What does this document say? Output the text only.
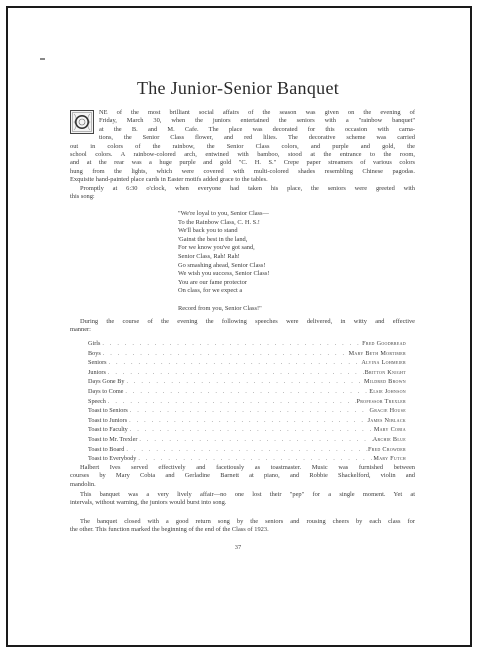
The Junior-Senior Banquet

NE of the most brilliant social affairs of the season was given on the evening of

Friday, March 30, when the juniors entertained the seniors with a "rainbow banquet"

at the B. and M. Cafe. The place was decorated for this occasion with carna-

tions, the Senior Class flower, and red lilies. The decorative scheme was carried

out in colors of the rainbow, the Senior Class colors, and purple and gold, the

school colors. A rainbow-colored arch, entwined with bamboo, stood at the entrance to the room,

and at the rear was a huge purple and gold "C. H. S." Crepe paper streamers of various colors

hung from the lights, which were covered with multi-colored shades resembling Chinese pagodas.

Exquisite hand-painted place cards in Easter motifs added grace to the tables.

Promptly at 6:30 o'clock, when everyone had taken his place, the seniors were greeted with

this song:

"We're loyal to you, Senior Class—
To the Rainbow Class, C. H. S.!
We'll back you to stand
'Gainst the best in the land,
For we know you've got sand,
Senior Class, Rah! Rah!
Go smashing ahead, Senior Class!
We wish you success, Senior Class!
You are our fame protector
On class, for we expect a
Record from you, Senior Class!"

During the course of the evening the following speeches were delivered, in witty and effective

manner:

Girls . . .	Fred Goodbread
Boys . . .	Mary Beth Mortimer
Seniors . . .	Alvina Lohmeier
Juniors . . .	Britton Knight
Days Gone By . . .	Mildred Brown
Days to Come . . .	Elsie Johnson
Speech . . .	Professor Trexler
Toast to Seniors . . .	Gracie House
Toast to Juniors . . .	James Niblack
Toast to Faculty . . .	Mary Cobia
Toast to Mr. Trexler . . .	Archie Blue
Toast to Board . . .	Fred Crowder
Toast to Everybody . . .	Mary Futch

Halbert Ives served effectively and facetiously as toastmaster. Music was furnished between

courses by Mary Cobia and Gerladine Barnett at piano, and Robbie Shackelford, violin and

mandolin.

This banquet was a very lively affair—no one lost their "pep" for a single moment. Yet at

intervals, without warning, the juniors would burst into song.

The banquet closed with a good return song by the seniors and rousing cheers by each class for

the other. This function marked the beginning of the end of the Class of 1923.

37
